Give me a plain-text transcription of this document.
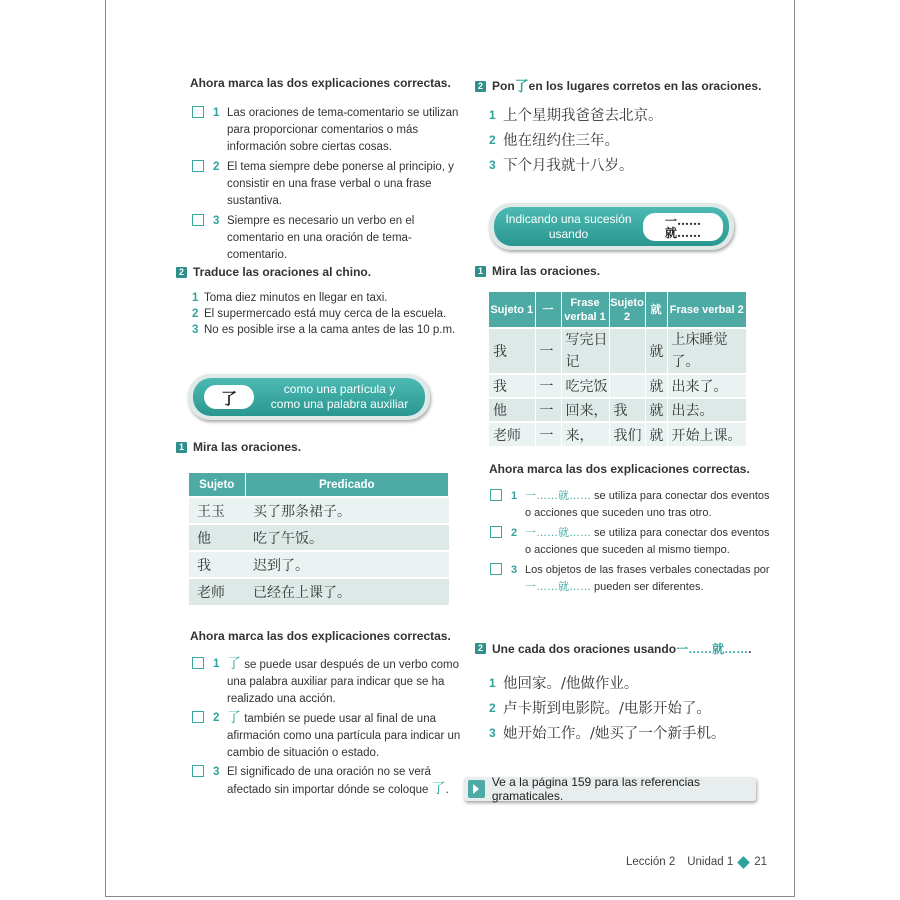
Ahora marca las dos explicaciones correctas.
1 Las oraciones de tema-comentario se utilizan para proporcionar comentarios o más información sobre ciertas cosas.
2 El tema siempre debe ponerse al principio, y consistir en una frase verbal o una frase sustantiva.
3 Siempre es necesario un verbo en el comentario en una oración de tema-comentario.
2 Traduce las oraciones al chino.
1 Toma diez minutos en llegar en taxi.
2 El supermercado está muy cerca de la escuela.
3 No es posible irse a la cama antes de las 10 p.m.
了	como una partícula y
como una palabra auxiliar
1 Mira las oraciones.
Sujeto	Predicado
王玉	买了那条裙子。
他	吃了午饭。
我	迟到了。
老师	已经在上课了。
Ahora marca las dos explicaciones correctas.
1 了 se puede usar después de un verbo como una palabra auxiliar para indicar que se ha realizado una acción.
2 了 también se puede usar al final de una afirmación como una partícula para indicar un cambio de situación o estado.
3 El significado de una oración no se verá afectado sin importar dónde se coloque 了.
2 Pon 了 en los lugares corretos en las oraciones.
1 上个星期我爸爸去北京。
2 他在纽约住三年。
3 下个月我就十八岁。
Indicando una sucesión
usando
一……
就……
1 Mira las oraciones.
Sujeto 1	一	Frase verbal 1	Sujeto 2	就	Frase verbal 2
我	一	写完日记		就	上床睡觉了。
我	一	吃完饭		就	出来了。
他	一	回来，	我	就	出去。
老师	一	来，	我们	就	开始上课。
Ahora marca las dos explicaciones correctas.
1 一……就…… se utiliza para conectar dos eventos o acciones que suceden uno tras otro.
2 一……就…… se utiliza para conectar dos eventos o acciones que suceden al mismo tiempo.
3 Los objetos de las frases verbales conectadas por 一……就…… pueden ser diferentes.
2 Une cada dos oraciones usando 一……就…… .
1 他回家。/他做作业。
2 卢卡斯到电影院。/电影开始了。
3 她开始工作。/她买了一个新手机。
Ve a la página 159 para las referencias gramaticales.
Lección 2 Unidad 1 21
